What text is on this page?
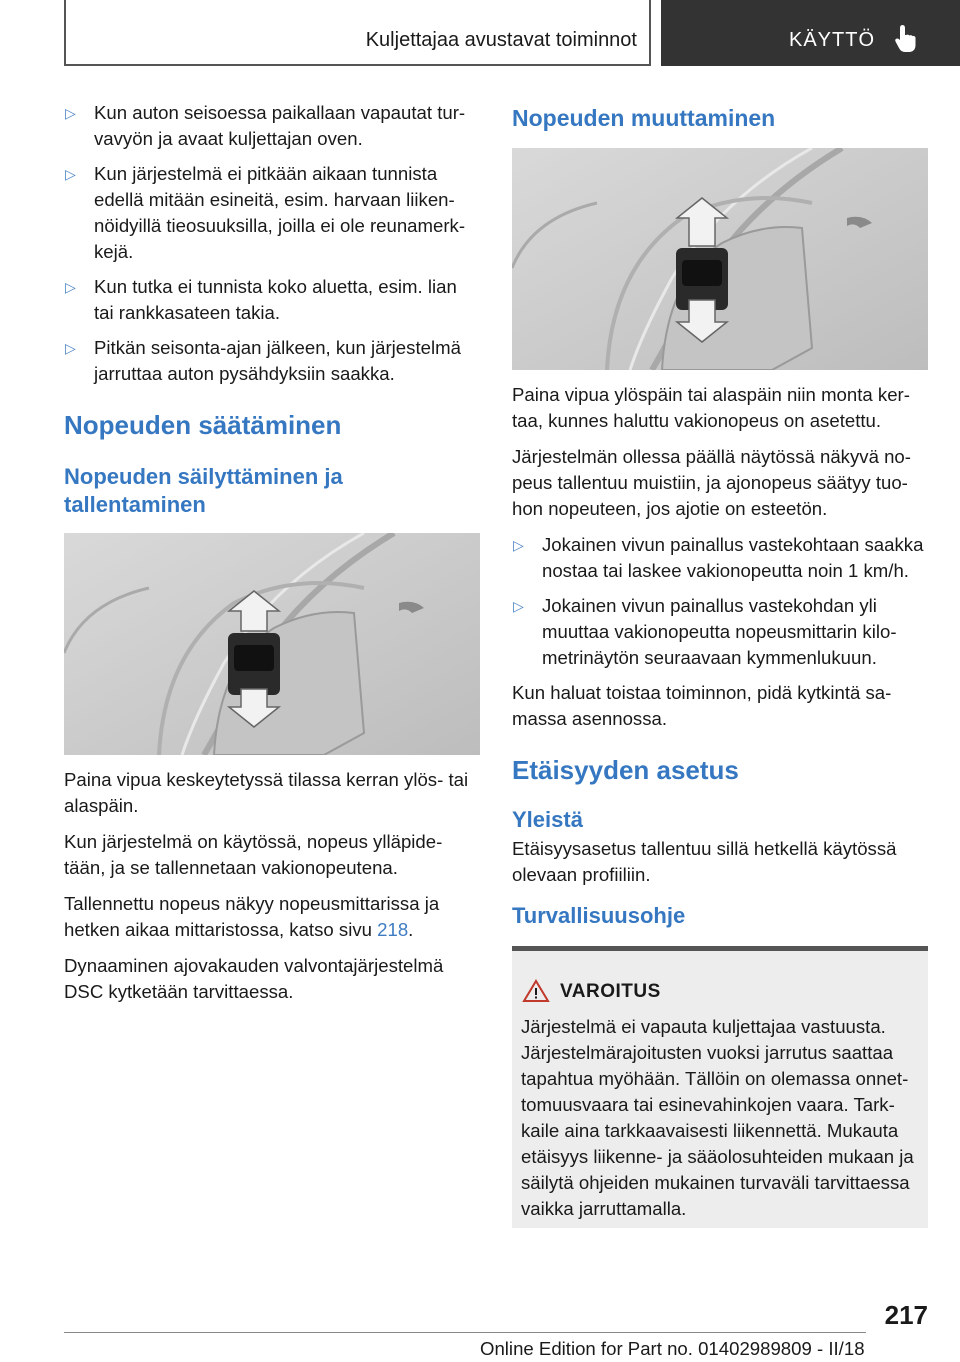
Kuljettajaa avustavat toiminnot	KÄYTTÖ
▷ Kun auton seisoessa paikallaan vapautat tur-vavyön ja avaat kuljettajan oven.
▷ Kun järjestelmä ei pitkään aikaan tunnista edellä mitään esineitä, esim. harvaan liiken-nöidyillä tieosuuksilla, joilla ei ole reunamerk-kejä.
▷ Kun tutka ei tunnista koko aluetta, esim. lian tai rankkasateen takia.
▷ Pitkän seisonta-ajan jälkeen, kun järjestelmä jarruttaa auton pysähdyksiin saakka.
Nopeuden säätäminen
Nopeuden säilyttäminen ja tallentaminen

Paina vipua keskeytetyssä tilassa kerran ylös- tai alaspäin.

Kun järjestelmä on käytössä, nopeus ylläpide-tään, ja se tallennetaan vakionopeutena.

Tallennettu nopeus näkyy nopeusmittarissa ja hetken aikaa mittaristossa, katso sivu 218.

Dynaaminen ajovakauden valvontajärjestelmä DSC kytketään tarvittaessa.

Nopeuden muuttaminen

Paina vipua ylöspäin tai alaspäin niin monta ker-taa, kunnes haluttu vakionopeus on asetettu.

Järjestelmän ollessa päällä näytössä näkyvä no-peus tallentuu muistiin, ja ajonopeus säätyy tuo-hon nopeuteen, jos ajotie on esteetön.

▷ Jokainen vivun painallus vastekohtaan saakka nostaa tai laskee vakionopeutta noin 1 km/h.
▷ Jokainen vivun painallus vastekohdan yli muuttaa vakionopeutta nopeusmittarin kilo-metrinäytön seuraavaan kymmenlukuun.

Kun haluat toistaa toiminnon, pidä kytkintä sa-massa asennossa.

Etäisyyden asetus
Yleistä

Etäisyysasetus tallentuu sillä hetkellä käytössä olevaan profiiliin.

Turvallisuusohje
VAROITUS
Järjestelmä ei vapauta kuljettajaa vastuusta. Järjestelmärajoitusten vuoksi jarrutus saattaa tapahtua myöhään. Tällöin on olemassa onnet-tomuusvaara tai esinevahinkojen vaara. Tark-kaile aina tarkkaavaisesti liikennettä. Mukauta etäisyys liikenne- ja sääolosuhteiden mukaan ja säilytä ohjeiden mukainen turvaväli tarvittaessa vaikka jarruttamalla.
217
Online Edition for Part no. 01402989809 - II/18
